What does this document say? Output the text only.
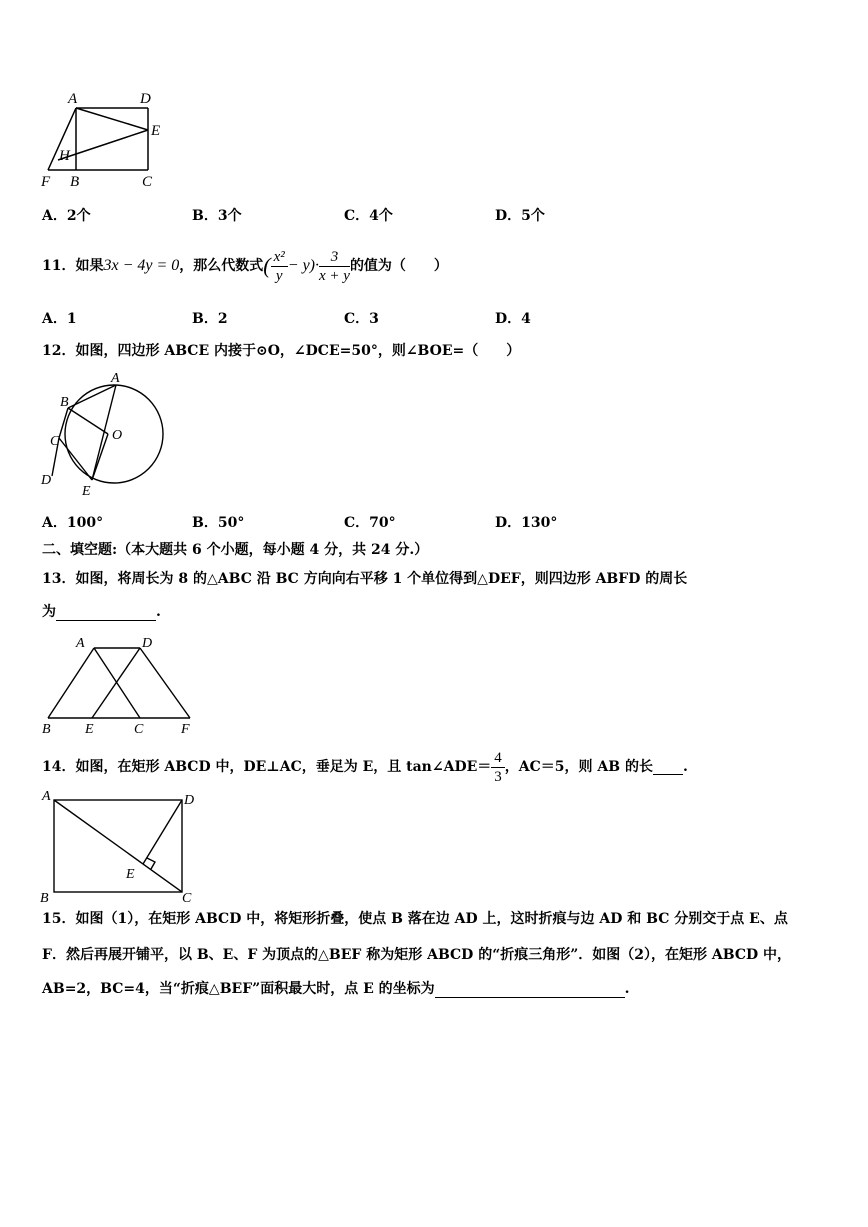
A	D
E
H
F B	C
A．2个	B．3个	C．4个	D．5个
11．如果 3x − 4y = 0 ，那么代数式 ( $\frac{\text{x²}}{y} - y)\cdot \frac{3}{x + y}$ 的值为（　　）
A．1	B．2	C．3	D．4
12．如图，四边形 ABCE 内接于⊙O，∠DCE=50°，则∠BOE=（　　）
A
B
C	O
D
E
A．100°	B．50°	C．70°	D．130°
二、填空题:（本大题共 6 个小题，每小题 4 分，共 24 分.）
13．如图，将周长为 8 的△ABC 沿 BC 方向向右平移 1 个单位得到△DEF，则四边形 ABFD 的周长
为	.
A	D
B E	C	F
14．如图，在矩形 ABCD 中，DE⊥AC，垂足为 E，且 tan∠ADE＝ $\frac{4}{3}$ ，AC＝5，则 AB 的长 .
A	D
E
B	C
15．如图（1），在矩形 ABCD 中，将矩形折叠，使点 B 落在边 AD 上，这时折痕与边 AD 和 BC 分别交于点 E、点
F．然后再展开铺平，以 B、E、F 为顶点的△BEF 称为矩形 ABCD 的“折痕三角形”．如图（2），在矩形 ABCD 中，
AB=2，BC=4，当“折痕△BEF”面积最大时，点 E 的坐标为	.
